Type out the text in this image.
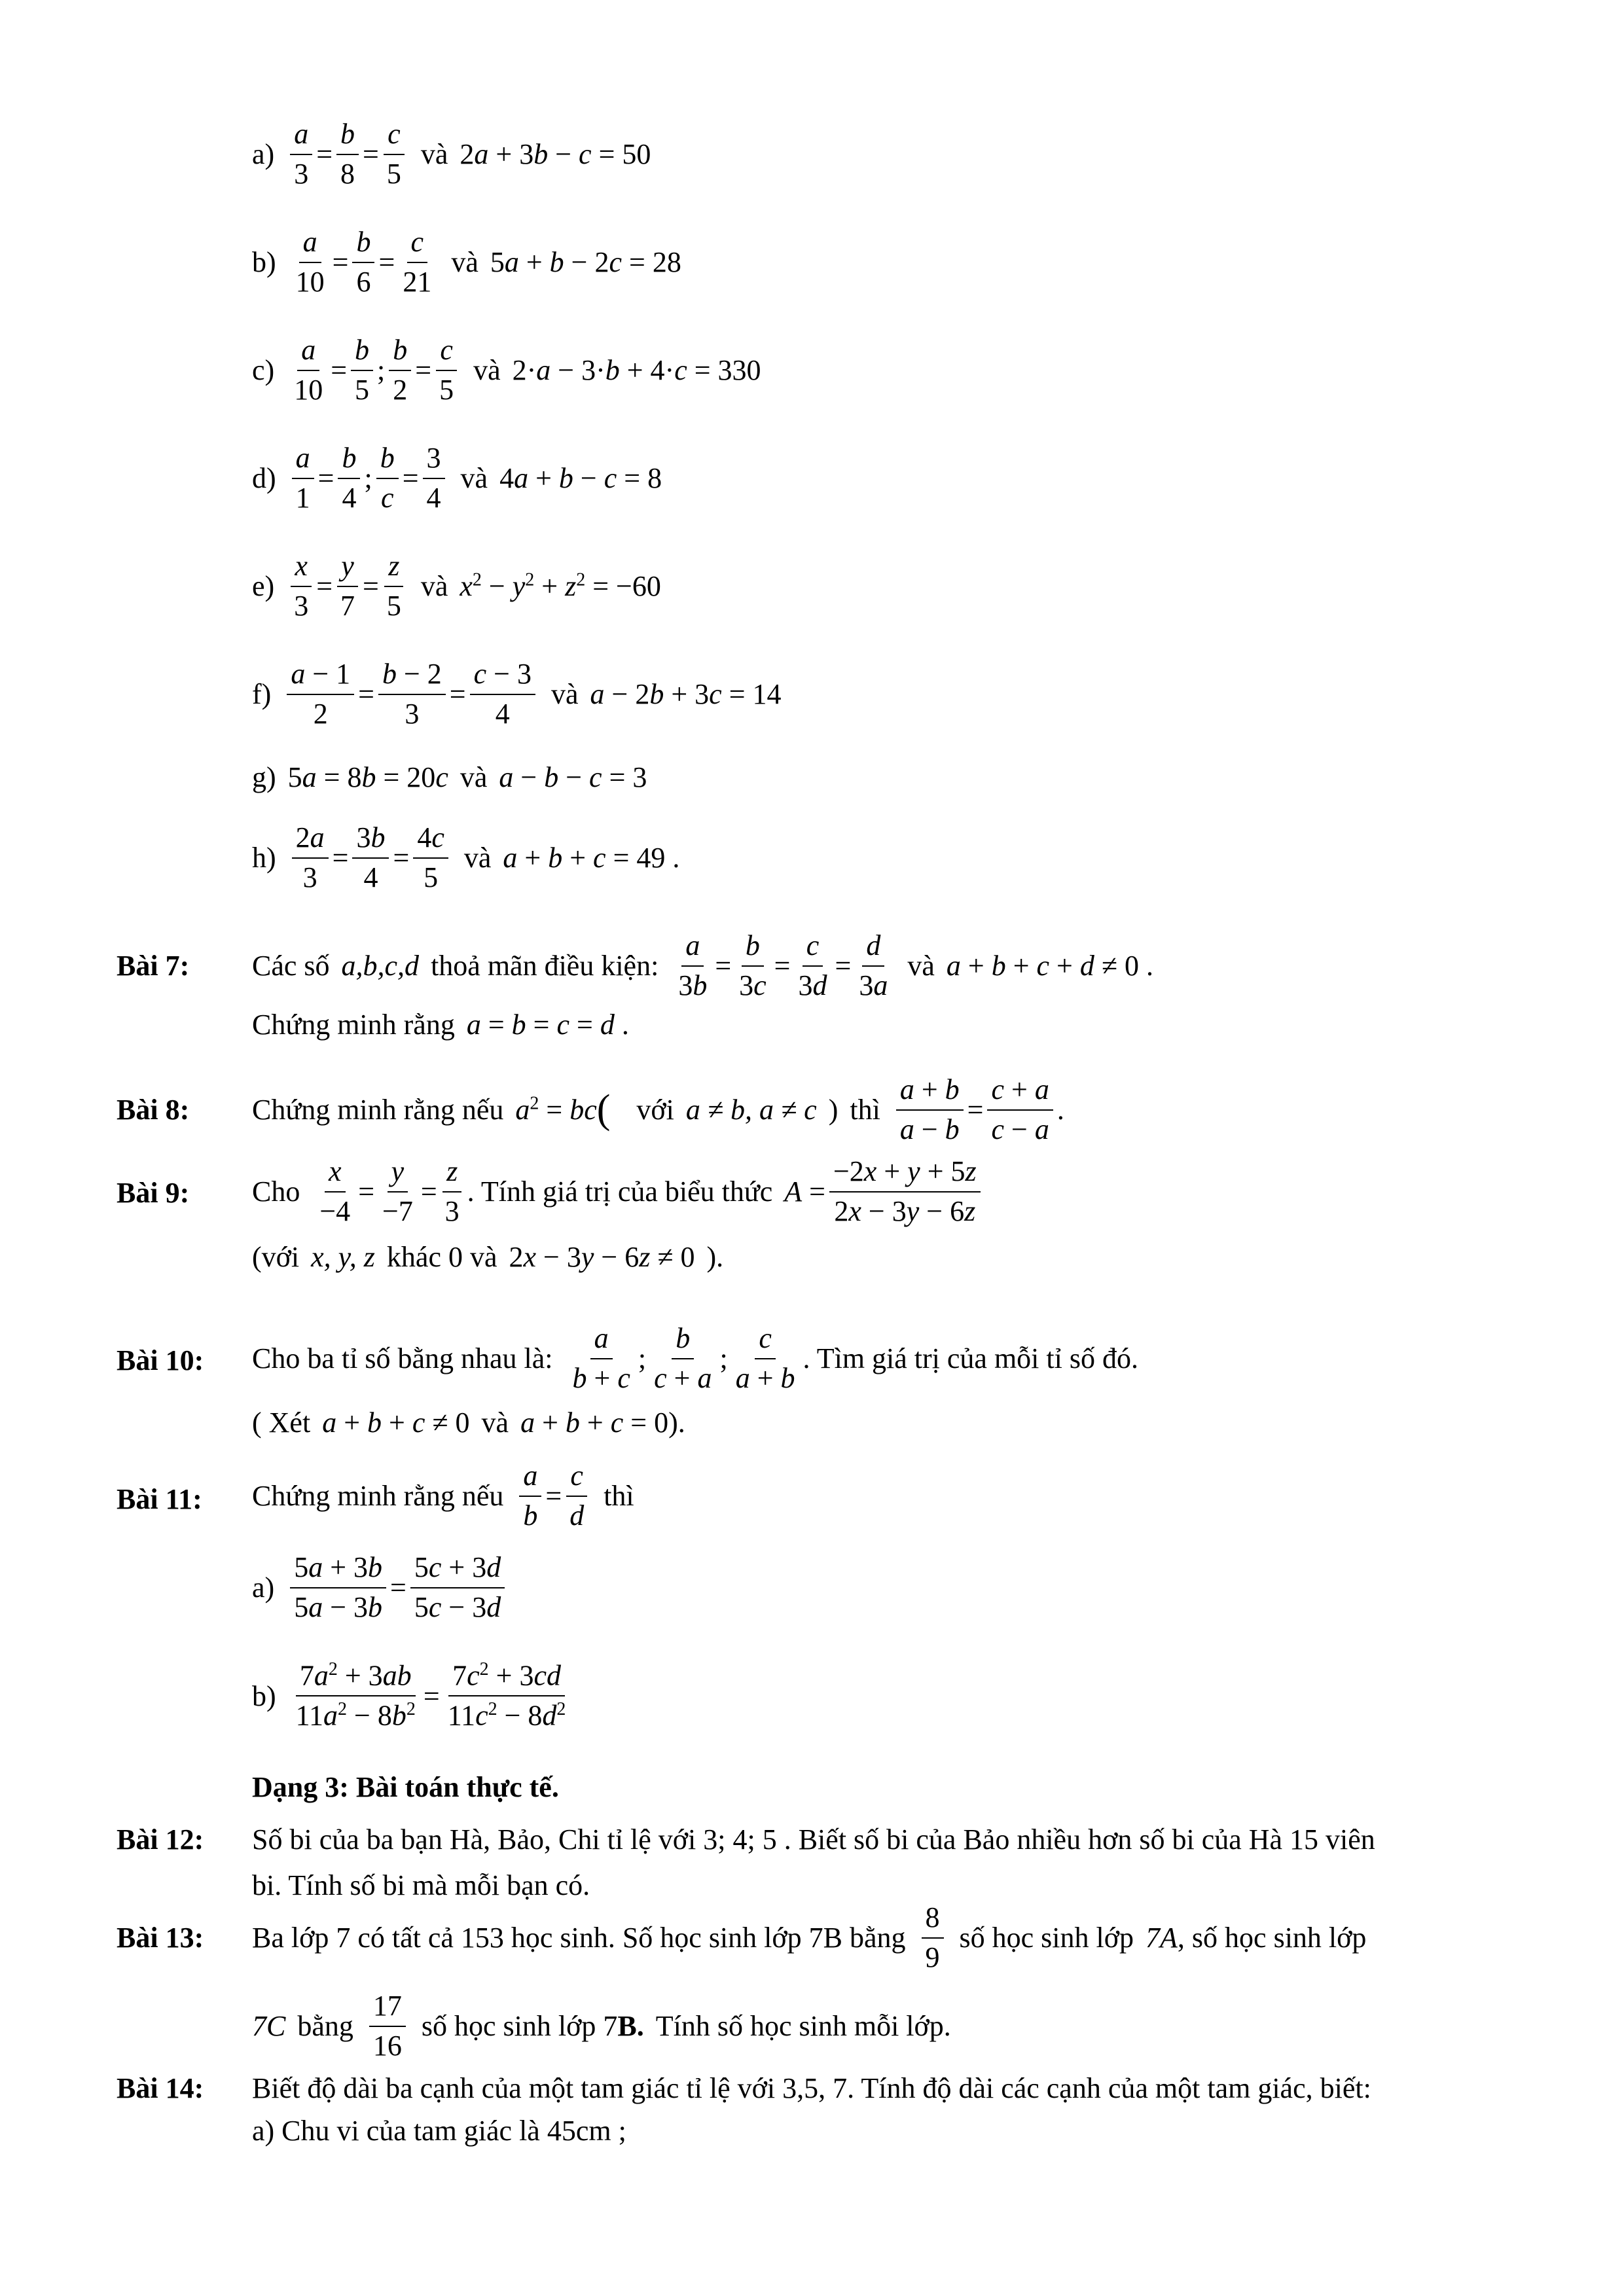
$a) \frac{a}{3} = \frac{b}{8} = \frac{c}{5}$ và 2a + 3b − c = 50
$b) \frac{a}{10} = \frac{b}{6} = \frac{c}{21}$ và 5a + b − 2c = 28
$c) \frac{a}{10} = \frac{b}{5}$ ; $\frac{b}{2} = \frac{c}{5}$ và 2·a − 3·b + 4·c = 330
$d) \frac{a}{1} = \frac{b}{4}$ ; $\frac{b}{c} = \frac{3}{4}$ và 4a + b − c = 8
$e) \frac{x}{3} = \frac{y}{7} = \frac{z}{5}$ và $x^2 - y^2 + z^2 = -60$
$f) \frac{a - 1}{2} = \frac{b - 2}{3} = \frac{c - 3}{4}$ và a − 2b + 3c = 14
g) 5a = 8b = 20c và a − b − c = 3
$h) \frac{2a}{3} = \frac{3b}{4} = \frac{4c}{5}$ và a + b + c = 49 .
Bài 7: Các số a,b,c,d thoả mãn điều kiện: $\frac{a}{3b} = \frac{b}{3c} = \frac{c}{3d} = \frac{d}{3a}$ và a + b + c + d ≠ 0 .
Chứng minh rằng a = b = c = d .
Bài 8: Chứng minh rằng nếu $a^2$ = bc ( với a ≠ b, a ≠ c ) thì $\frac{a + b}{a - b} = \frac{c + a}{c - a}$ .
Bài 9: Cho $\frac{x}{-4} = \frac{y}{-7} = \frac{z}{3}$ . Tính giá trị của biểu thức $A = \frac{-2x + y + 5z}{2x - 3y - 6z}$
(với x, y, z khác 0 và 2x − 3y − 6z ≠ 0 ).
Bài 10: Cho ba tỉ số bằng nhau là: $\frac{a}{b + c}$ ; $\frac{b}{c + a}$ ; $\frac{c}{a + b}$ . Tìm giá trị của mỗi tỉ số đó.
( Xét a + b + c ≠ 0 và a + b + c = 0 ).
Bài 11: Chứng minh rằng nếu $\frac{a}{b} = \frac{c}{d}$ thì
$a) \frac{5a + 3b}{5a - 3b} = \frac{5c + 3d}{5c - 3d}$
$b) \frac{7a^2 + 3ab}{11a^2 - 8b^2} = \frac{7c^2 + 3cd}{11c^2 - 8d^2}$
Dạng 3: Bài toán thực tế.
Bài 12: Số bi của ba bạn Hà, Bảo, Chi tỉ lệ với 3; 4; 5 . Biết số bi của Bảo nhiều hơn số bi của Hà 15 viên
bi. Tính số bi mà mỗi bạn có.
Bài 13: Ba lớp 7 có tất cả 153 học sinh. Số học sinh lớp 7B bằng $\frac{8}{9}$ số học sinh lớp 7A , số học sinh lớp
7C bằng $\frac{17}{16}$ số học sinh lớp 7 B. Tính số học sinh mỗi lớp.
Bài 14: Biết độ dài ba cạnh của một tam giác tỉ lệ với 3,5, 7. Tính độ dài các cạnh của một tam giác, biết:
a) Chu vi của tam giác là 45cm ;
